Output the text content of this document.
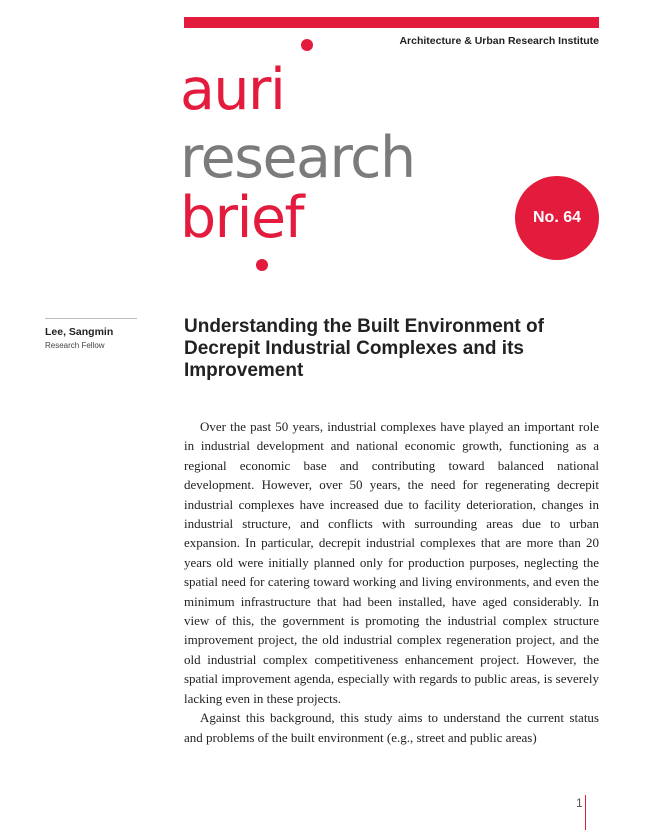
Architecture & Urban Research Institute
auri
research
brief	No. 64
Lee, Sangmin
Research Fellow
Understanding the Built Environment of Decrepit Industrial Complexes and its Improvement

Over the past 50 years, industrial complexes have played an important role in industrial development and national economic growth, functioning as a regional economic base and contributing toward balanced national development. However, over 50 years, the need for regenerating decrepit industrial complexes have increased due to facility deterioration, changes in industrial structure, and conflicts with surrounding areas due to urban expansion. In particular, decrepit industrial complexes that are more than 20 years old were initially planned only for production purposes, neglecting the spatial need for catering toward working and living environments, and even the minimum infrastructure that had been installed, have aged considerably. In view of this, the government is promoting the industrial complex structure improvement project, the old industrial complex regeneration project, and the old industrial complex competitiveness enhancement project. However, the spatial improvement agenda, especially with regards to public areas, is severely lacking even in these projects.

Against this background, this study aims to understand the current status and problems of the built environment (e.g., street and public areas)

1
